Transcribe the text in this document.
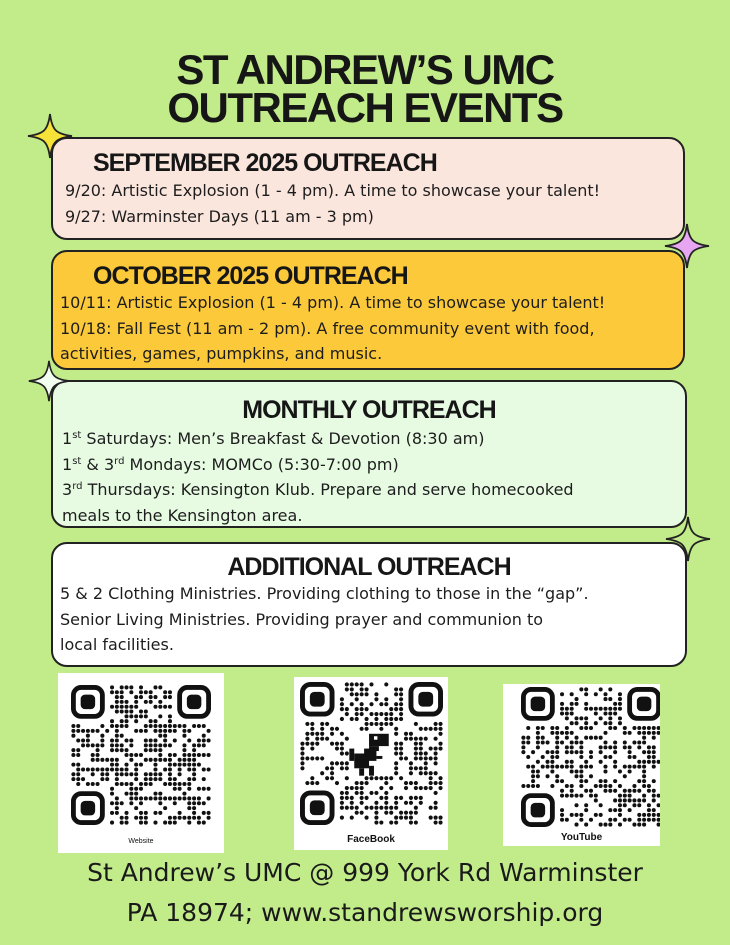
ST ANDREW’S UMC
OUTREACH EVENTS
SEPTEMBER 2025 OUTREACH

9/20: Artistic Explosion (1 - 4 pm). A time to showcase your talent!

9/27: Warminster Days (11 am - 3 pm)

OCTOBER 2025 OUTREACH

10/11: Artistic Explosion (1 - 4 pm). A time to showcase your talent!

10/18: Fall Fest (11 am - 2 pm). A free community event with food,

activities, games, pumpkins, and music.

MONTHLY OUTREACH

1st Saturdays: Men’s Breakfast & Devotion (8:30 am)

1st & 3rd Mondays: MOMCo (5:30-7:00 pm)

3rd Thursdays: Kensington Klub. Prepare and serve homecooked

meals to the Kensington area.

ADDITIONAL OUTREACH

5 & 2 Clothing Ministries. Providing clothing to those in the “gap”.

Senior Living Ministries. Providing prayer and communion to

local facilities.

Website	FaceBook	YouTube
St Andrew’s UMC @ 999 York Rd Warminster
PA 18974; www.standrewsworship.org
